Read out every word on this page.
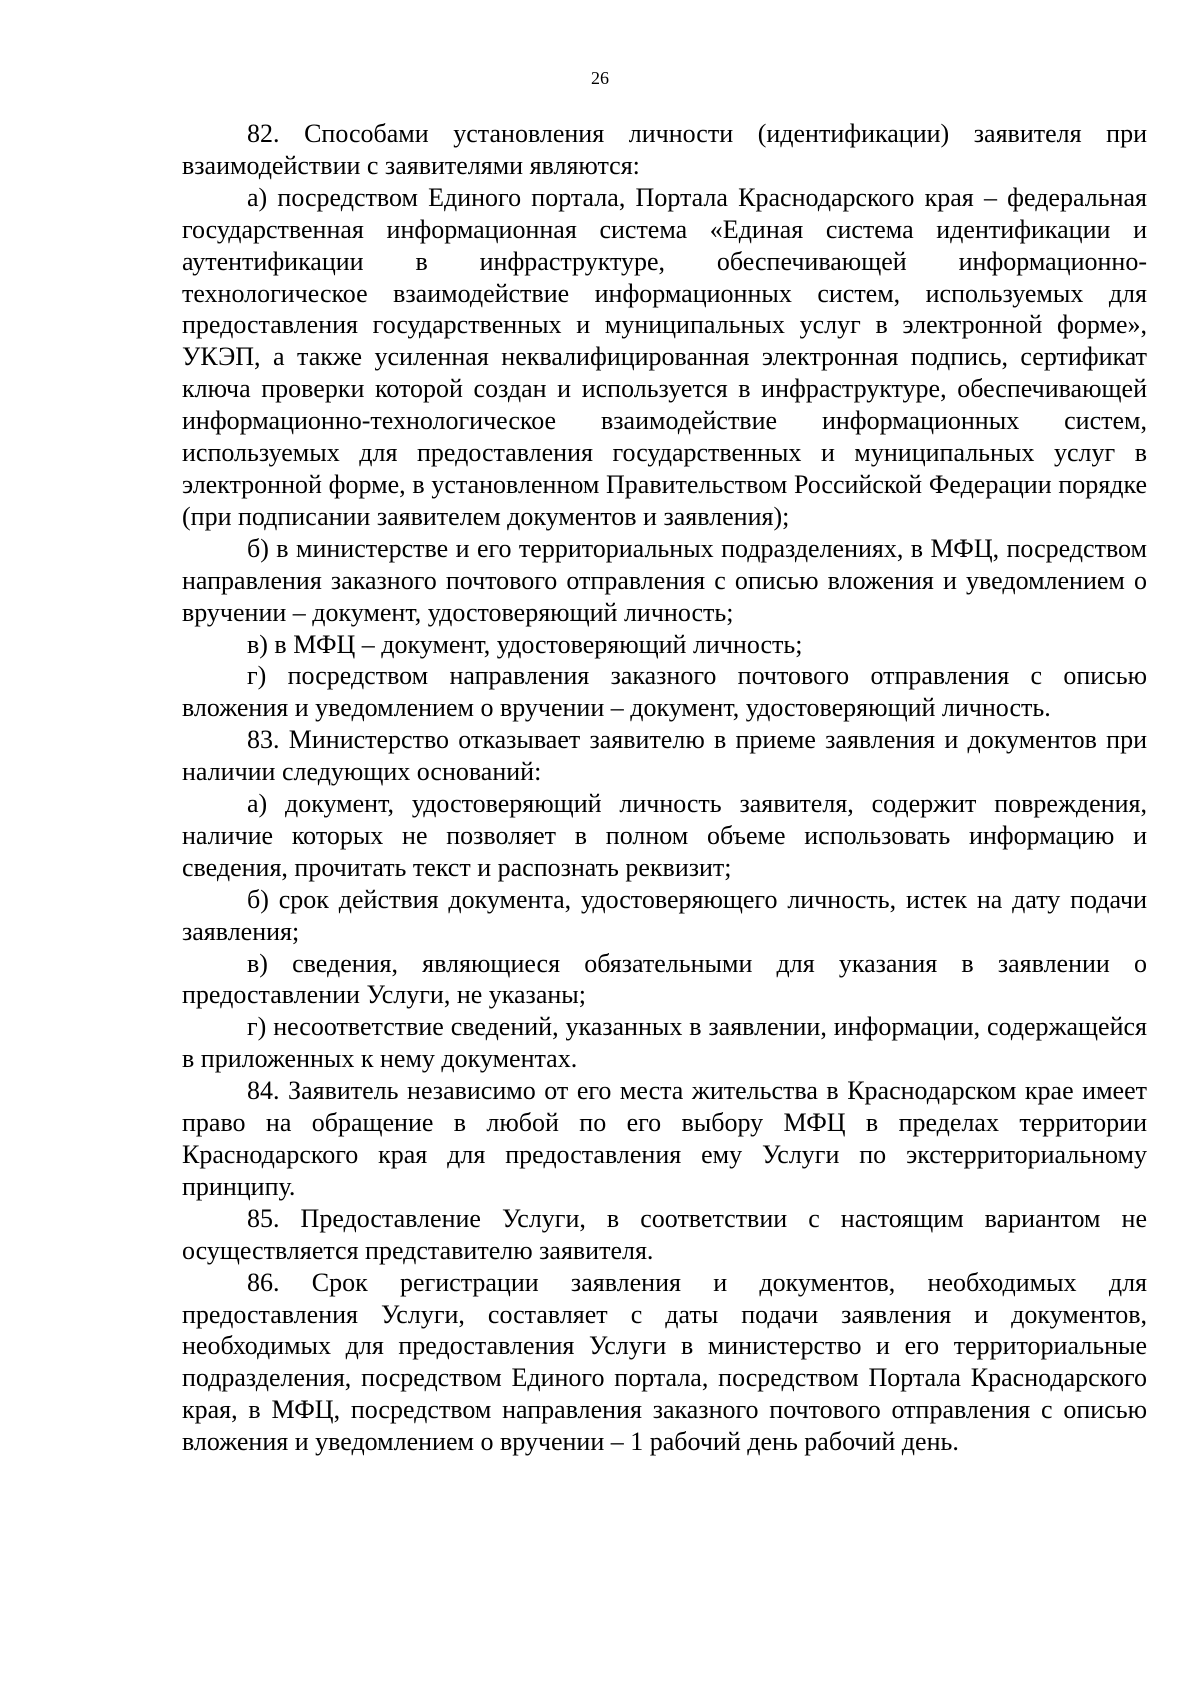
26

82. Способами установления личности (идентификации) заявителя при взаимодействии с заявителями являются:

а) посредством Единого портала, Портала Краснодарского края – федеральная государственная информационная система «Единая система идентификации и аутентификации в инфраструктуре, обеспечивающей информационно-технологическое взаимодействие информационных систем, используемых для предоставления государственных и муниципальных услуг в электронной форме», УКЭП, а также усиленная неквалифицированная электронная подпись, сертификат ключа проверки которой создан и используется в инфраструктуре, обеспечивающей информационно-технологическое взаимодействие информационных систем, используемых для предоставления государственных и муниципальных услуг в электронной форме, в установленном Правительством Российской Федерации порядке (при подписании заявителем документов и заявления);

б) в министерстве и его территориальных подразделениях, в МФЦ, посредством направления заказного почтового отправления с описью вложения и уведомлением о вручении – документ, удостоверяющий личность;

в) в МФЦ – документ, удостоверяющий личность;

г) посредством направления заказного почтового отправления с описью вложения и уведомлением о вручении – документ, удостоверяющий личность.

83. Министерство отказывает заявителю в приеме заявления и документов при наличии следующих оснований:

а) документ, удостоверяющий личность заявителя, содержит повреждения, наличие которых не позволяет в полном объеме использовать информацию и сведения, прочитать текст и распознать реквизит;

б) срок действия документа, удостоверяющего личность, истек на дату подачи заявления;

в) сведения, являющиеся обязательными для указания в заявлении о предоставлении Услуги, не указаны;

г) несоответствие сведений, указанных в заявлении, информации, содержащейся в приложенных к нему документах.

84. Заявитель независимо от его места жительства в Краснодарском крае имеет право на обращение в любой по его выбору МФЦ в пределах территории Краснодарского края для предоставления ему Услуги по экстерриториальному принципу.

85. Предоставление Услуги, в соответствии с настоящим вариантом не осуществляется представителю заявителя.

86. Срок регистрации заявления и документов, необходимых для предоставления Услуги, составляет с даты подачи заявления и документов, необходимых для предоставления Услуги в министерство и его территориальные подразделения, посредством Единого портала, посредством Портала Краснодарского края, в МФЦ, посредством направления заказного почтового отправления с описью вложения и уведомлением о вручении – 1 рабочий день рабочий день.
